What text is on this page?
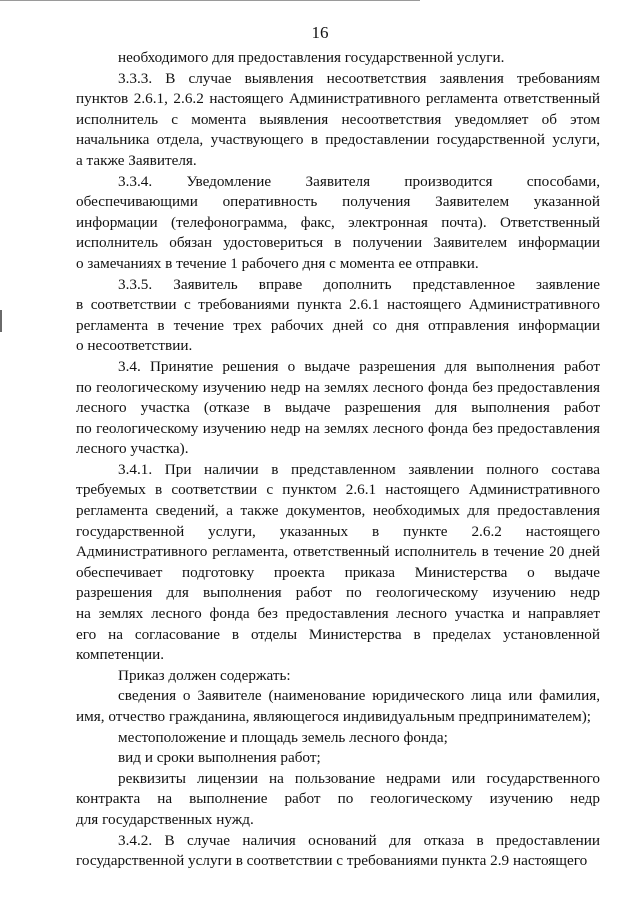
16
необходимого для предоставления государственной услуги.
3.3.3. В случае выявления несоответствия заявления требованиям
пунктов 2.6.1, 2.6.2 настоящего Административного регламента ответственный
исполнитель с момента выявления несоответствия уведомляет об этом
начальника отдела, участвующего в предоставлении государственной услуги,
а также Заявителя.
3.3.4. Уведомление Заявителя производится способами,
обеспечивающими оперативность получения Заявителем указанной
информации (телефонограмма, факс, электронная почта). Ответственный
исполнитель обязан удостовериться в получении Заявителем информации
о замечаниях в течение 1 рабочего дня с момента ее отправки.
3.3.5. Заявитель вправе дополнить представленное заявление
в соответствии с требованиями пункта 2.6.1 настоящего Административного
регламента в течение трех рабочих дней со дня отправления информации
о несоответствии.
3.4. Принятие решения о выдаче разрешения для выполнения работ
по геологическому изучению недр на землях лесного фонда без предоставления
лесного участка (отказе в выдаче разрешения для выполнения работ
по геологическому изучению недр на землях лесного фонда без предоставления
лесного участка).
3.4.1. При наличии в представленном заявлении полного состава
требуемых в соответствии с пунктом 2.6.1 настоящего Административного
регламента сведений, а также документов, необходимых для предоставления
государственной услуги, указанных в пункте 2.6.2 настоящего
Административного регламента, ответственный исполнитель в течение 20 дней
обеспечивает подготовку проекта приказа Министерства о выдаче
разрешения для выполнения работ по геологическому изучению недр
на землях лесного фонда без предоставления лесного участка и направляет
его на согласование в отделы Министерства в пределах установленной
компетенции.
Приказ должен содержать:
сведения о Заявителе (наименование юридического лица или фамилия,
имя, отчество гражданина, являющегося индивидуальным предпринимателем);
местоположение и площадь земель лесного фонда;
вид и сроки выполнения работ;
реквизиты лицензии на пользование недрами или государственного
контракта на выполнение работ по геологическому изучению недр
для государственных нужд.
3.4.2. В случае наличия оснований для отказа в предоставлении
государственной услуги в соответствии с требованиями пункта 2.9 настоящего
